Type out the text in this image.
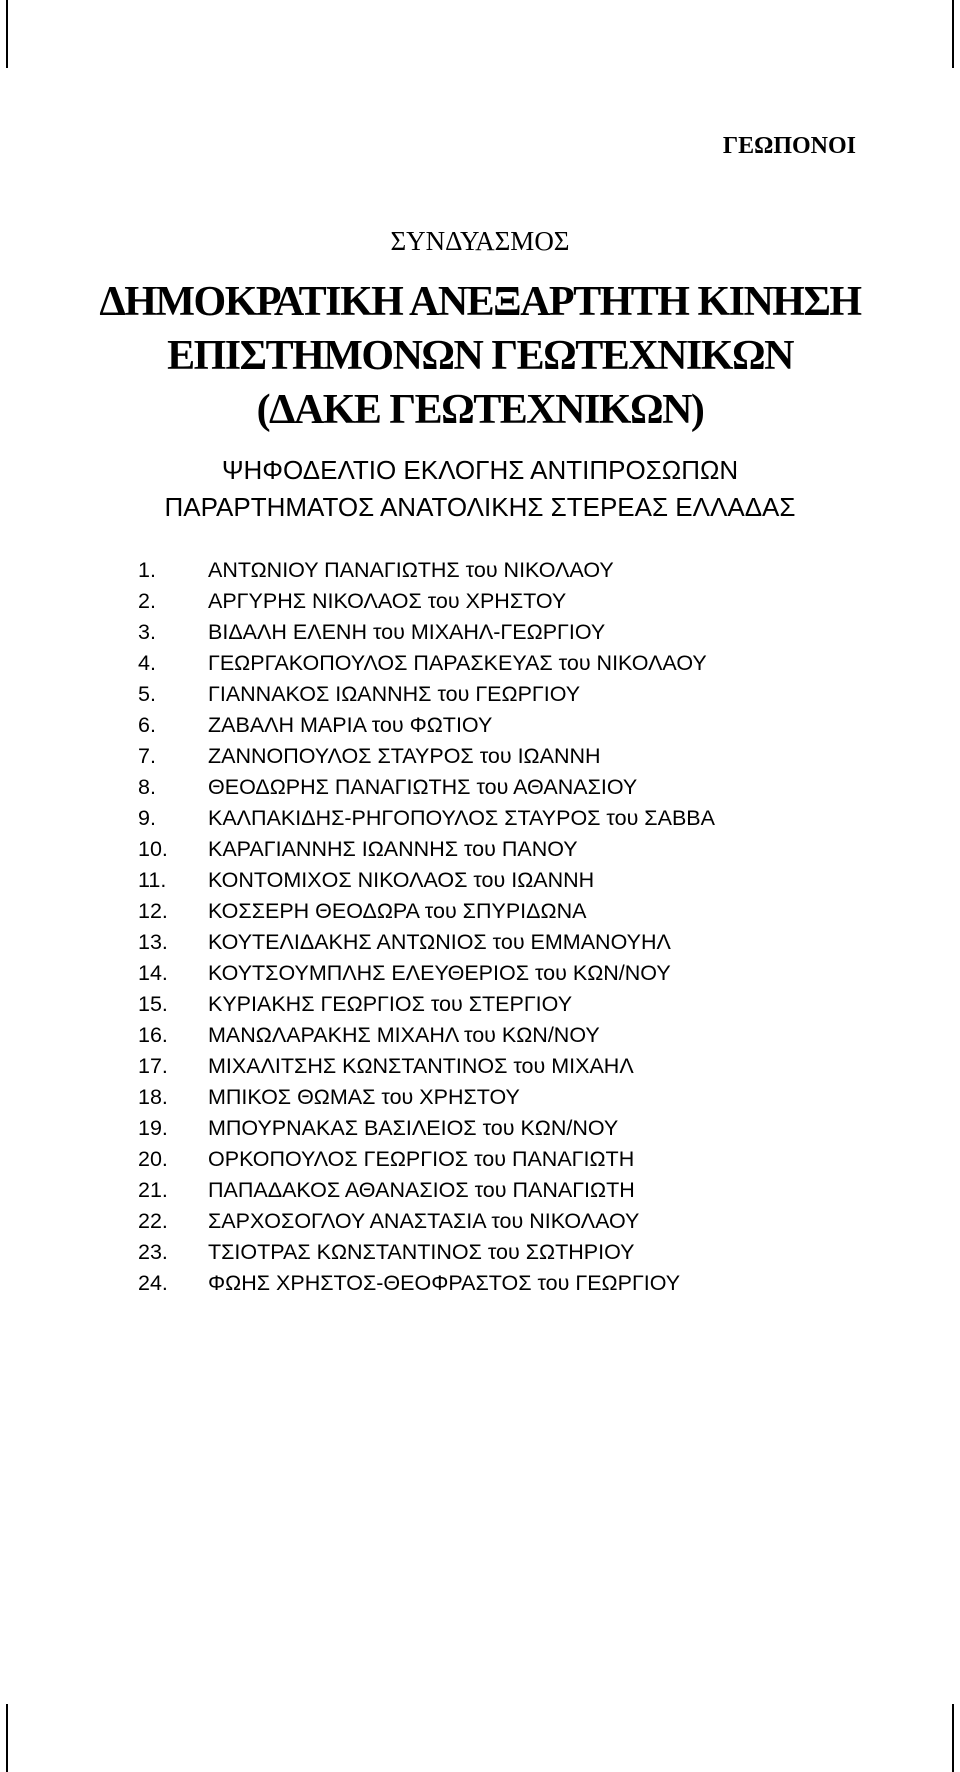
ΓΕΩΠΟΝΟΙ
ΣΥΝΔΥΑΣΜΟΣ
ΔΗΜΟΚΡΑΤΙΚΗ ΑΝΕΞΑΡΤΗΤΗ ΚΙΝΗΣΗ
ΕΠΙΣΤΗΜΟΝΩΝ ΓΕΩΤΕΧΝΙΚΩΝ
(ΔΑΚΕ ΓΕΩΤΕΧΝΙΚΩΝ)
ΨΗΦΟΔΕΛΤΙΟ ΕΚΛΟΓΗΣ ΑΝΤΙΠΡΟΣΩΠΩΝ
ΠΑΡΑΡΤΗΜΑΤΟΣ ΑΝΑΤΟΛΙΚΗΣ ΣΤΕΡΕΑΣ ΕΛΛΑΔΑΣ
1. ΑΝΤΩΝΙΟΥ ΠΑΝΑΓΙΩΤΗΣ του ΝΙΚΟΛΑΟΥ
2. ΑΡΓΥΡΗΣ ΝΙΚΟΛΑΟΣ του ΧΡΗΣΤΟΥ
3. ΒΙΔΑΛΗ ΕΛΕΝΗ του ΜΙΧΑΗΛ-ΓΕΩΡΓΙΟΥ
4. ΓΕΩΡΓΑΚΟΠΟΥΛΟΣ ΠΑΡΑΣΚΕΥΑΣ του ΝΙΚΟΛΑΟΥ
5. ΓΙΑΝΝΑΚΟΣ ΙΩΑΝΝΗΣ του ΓΕΩΡΓΙΟΥ
6. ΖΑΒΑΛΗ ΜΑΡΙΑ του ΦΩΤΙΟΥ
7. ΖΑΝΝΟΠΟΥΛΟΣ ΣΤΑΥΡΟΣ του ΙΩΑΝΝΗ
8. ΘΕΟΔΩΡΗΣ ΠΑΝΑΓΙΩΤΗΣ του ΑΘΑΝΑΣΙΟΥ
9. ΚΑΛΠΑΚΙΔΗΣ-ΡΗΓΟΠΟΥΛΟΣ ΣΤΑΥΡΟΣ του ΣΑΒΒΑ
10. ΚΑΡΑΓΙΑΝΝΗΣ ΙΩΑΝΝΗΣ του ΠΑΝΟΥ
11. ΚΟΝΤΟΜΙΧΟΣ ΝΙΚΟΛΑΟΣ του ΙΩΑΝΝΗ
12. ΚΟΣΣΕΡΗ ΘΕΟΔΩΡΑ του ΣΠΥΡΙΔΩΝΑ
13. ΚΟΥΤΕΛΙΔΑΚΗΣ ΑΝΤΩΝΙΟΣ του ΕΜΜΑΝΟΥΗΛ
14. ΚΟΥΤΣΟΥΜΠΛΗΣ ΕΛΕΥΘΕΡΙΟΣ του ΚΩΝ/ΝΟΥ
15. ΚΥΡΙΑΚΗΣ ΓΕΩΡΓΙΟΣ του ΣΤΕΡΓΙΟΥ
16. ΜΑΝΩΛΑΡΑΚΗΣ ΜΙΧΑΗΛ του ΚΩΝ/ΝΟΥ
17. ΜΙΧΑΛΙΤΣΗΣ ΚΩΝΣΤΑΝΤΙΝΟΣ του ΜΙΧΑΗΛ
18. ΜΠΙΚΟΣ ΘΩΜΑΣ του ΧΡΗΣΤΟΥ
19. ΜΠΟΥΡΝΑΚΑΣ ΒΑΣΙΛΕΙΟΣ του ΚΩΝ/ΝΟΥ
20. ΟΡΚΟΠΟΥΛΟΣ ΓΕΩΡΓΙΟΣ του ΠΑΝΑΓΙΩΤΗ
21. ΠΑΠΑΔΑΚΟΣ ΑΘΑΝΑΣΙΟΣ του ΠΑΝΑΓΙΩΤΗ
22. ΣΑΡΧΟΣΟΓΛΟΥ ΑΝΑΣΤΑΣΙΑ του ΝΙΚΟΛΑΟΥ
23. ΤΣΙΟΤΡΑΣ ΚΩΝΣΤΑΝΤΙΝΟΣ του ΣΩΤΗΡΙΟΥ
24. ΦΩΗΣ ΧΡΗΣΤΟΣ-ΘΕΟΦΡΑΣΤΟΣ του ΓΕΩΡΓΙΟΥ
